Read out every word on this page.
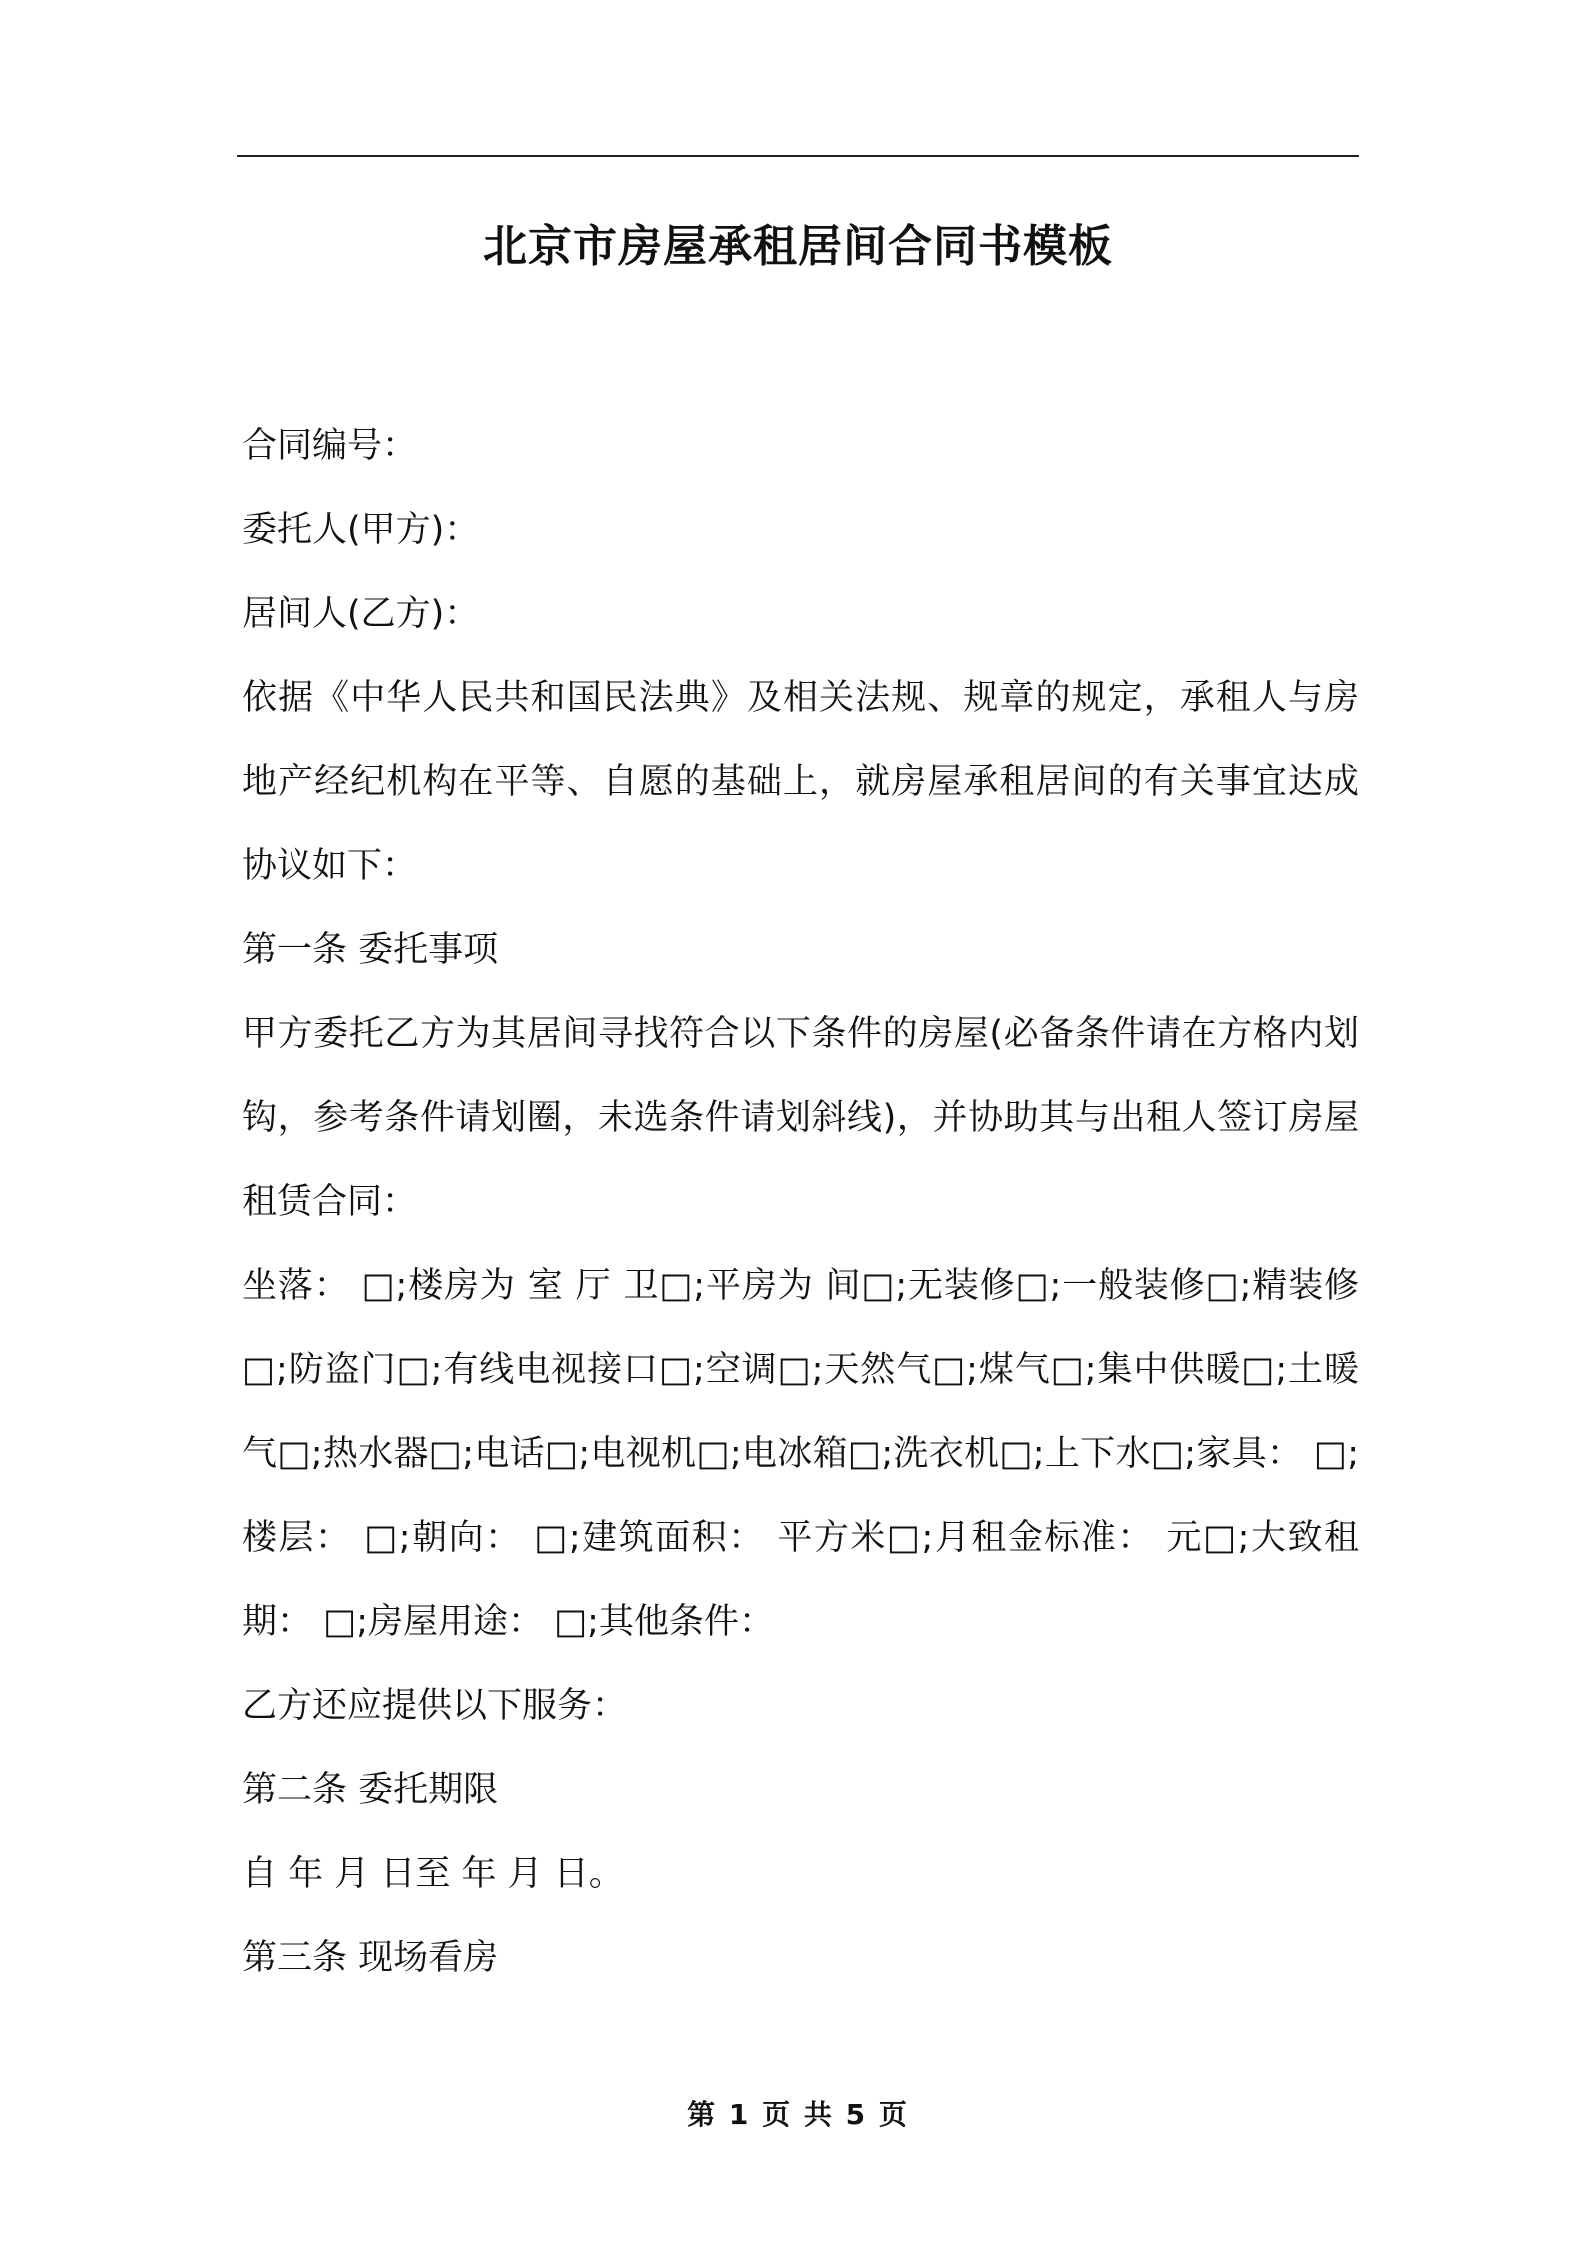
北京市房屋承租居间合同书模板

合同编号：

委托人(甲方)：

居间人(乙方)：

依据《中华人民共和国民法典》及相关法规、规章的规定，承租人与房地产经纪机构在平等、自愿的基础上，就房屋承租居间的有关事宜达成协议如下：

第一条 委托事项

甲方委托乙方为其居间寻找符合以下条件的房屋(必备条件请在方格内划钩，参考条件请划圈，未选条件请划斜线)，并协助其与出租人签订房屋租赁合同：

坐落： □;楼房为 室 厅 卫□;平房为 间□;无装修□;一般装修□;精装修□;防盗门□;有线电视接口□;空调□;天然气□;煤气□;集中供暖□;土暖气□;热水器□;电话□;电视机□;电冰箱□;洗衣机□;上下水□;家具： □;楼层： □;朝向： □;建筑面积： 平方米□;月租金标准： 元□;大致租期： □;房屋用途： □;其他条件：

乙方还应提供以下服务：

第二条 委托期限

自 年 月 日至 年 月 日。

第三条 现场看房

第 1 页 共 5 页
